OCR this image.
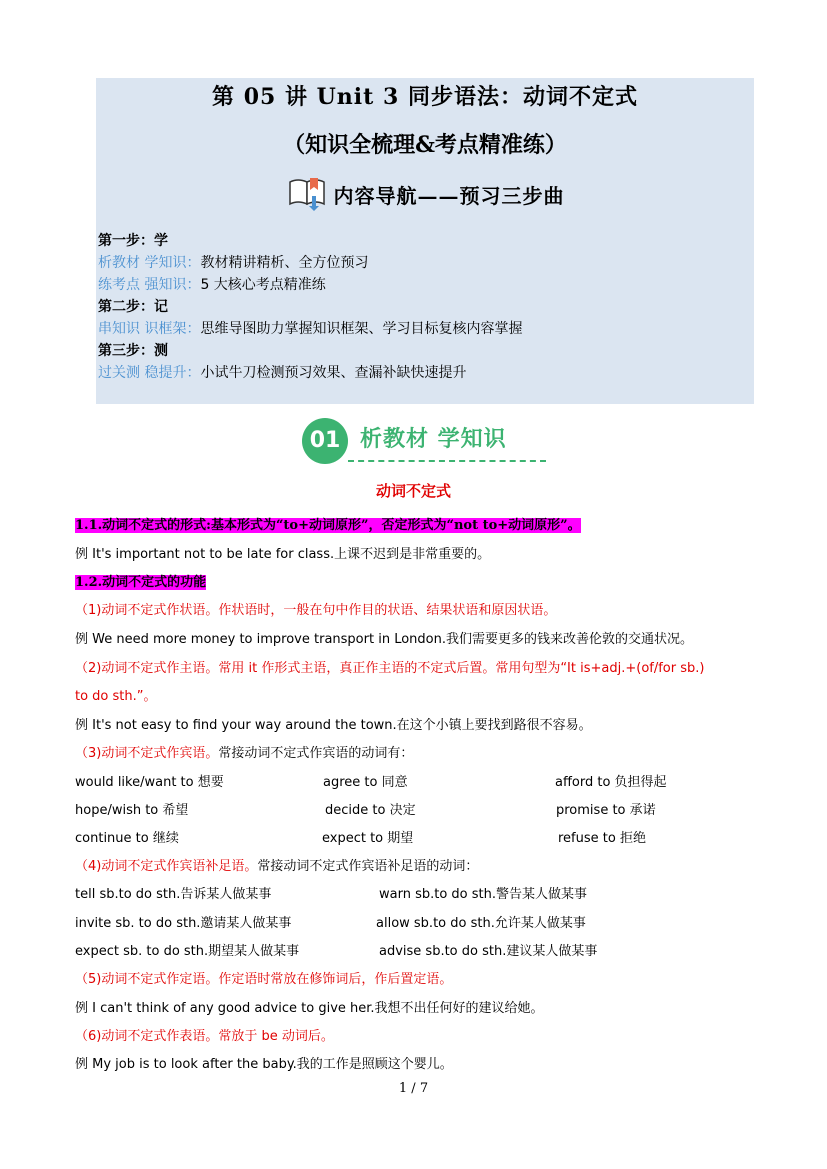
第 05 讲 Unit 3 同步语法：动词不定式
（知识全梳理&考点精准练）
内容导航——预习三步曲
第一步：学
析教材 学知识：教材精讲精析、全方位预习
练考点 强知识：5 大核心考点精准练
第二步：记
串知识 识框架：思维导图助力掌握知识框架、学习目标复核内容掌握
第三步：测
过关测 稳提升：小试牛刀检测预习效果、查漏补缺快速提升
01 析教材 学知识
动词不定式
1.1.动词不定式的形式:基本形式为“to+动词原形”，否定形式为“not to+动词原形”。
例 It's important not to be late for class.上课不迟到是非常重要的。
1.2.动词不定式的功能
（1)动词不定式作状语。作状语时，一般在句中作目的状语、结果状语和原因状语。
例 We need more money to improve transport in London.我们需要更多的钱来改善伦敦的交通状况。
（2)动词不定式作主语。常用 it 作形式主语，真正作主语的不定式后置。常用句型为“It is+adj.+(of/for sb.)
to do sth.”。
例 It's not easy to find your way around the town.在这个小镇上要找到路很不容易。
（3)动词不定式作宾语。常接动词不定式作宾语的动词有：
would like/want to 想要	agree to 同意	afford to 负担得起
hope/wish to 希望	decide to 决定	promise to 承诺
continue to 继续	expect to 期望	refuse to 拒绝
（4)动词不定式作宾语补足语。常接动词不定式作宾语补足语的动词：
tell sb.to do sth.告诉某人做某事	warn sb.to do sth.警告某人做某事
invite sb. to do sth.邀请某人做某事	allow sb.to do sth.允许某人做某事
expect sb. to do sth.期望某人做某事	advise sb.to do sth.建议某人做某事
（5)动词不定式作定语。作定语时常放在修饰词后，作后置定语。
例 I can't think of any good advice to give her.我想不出任何好的建议给她。
（6)动词不定式作表语。常放于 be 动词后。
例 My job is to look after the baby.我的工作是照顾这个婴儿。
1 / 7
